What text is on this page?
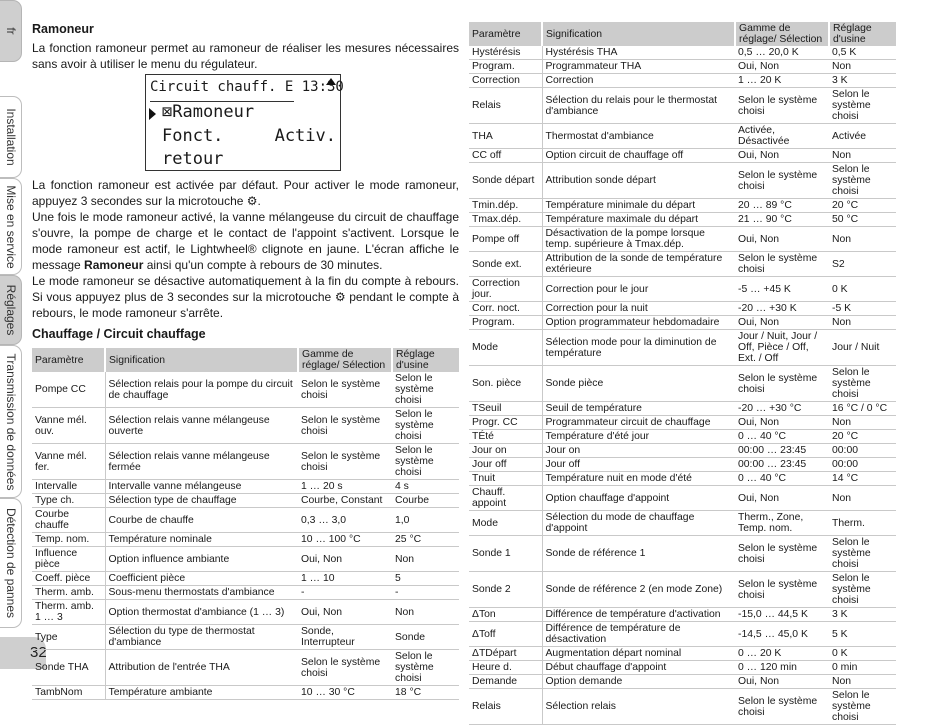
fr
Installation
Mise en service
Réglages
Transmission de données
Détection de pannes
32
Ramoneur
La fonction ramoneur permet au ramoneur de réaliser les mesures nécessaires sans avoir à utiliser le menu du régulateur.
Circuit chauff. E 13:30
⊠Ramoneur
Fonct.	Activ.
retour
La fonction ramoneur est activée par défaut. Pour activer le mode ramoneur, appuyez 3 secondes sur la microtouche ⚙.
Une fois le mode ramoneur activé, la vanne mélangeuse du circuit de chauffage s'ouvre, la pompe de charge et le contact de l'appoint s'activent. Lorsque le mode ramoneur est actif, le Lightwheel® clignote en jaune. L'écran affiche le message Ramoneur ainsi qu'un compte à rebours de 30 minutes.
Le mode ramoneur se désactive automatiquement à la fin du compte à rebours. Si vous appuyez plus de 3 secondes sur la microtouche ⚙ pendant le compte à rebours, le mode ramoneur s'arrête.
Chauffage / Circuit chauffage
Paramètre	Signification	Gamme de réglage/ Sélection	Réglage d'usine
Pompe CC	Sélection relais pour la pompe du circuit de chauffage	Selon le système choisi	Selon le système choisi
Vanne mél. ouv.	Sélection relais vanne mélangeuse ouverte	Selon le système choisi	Selon le système choisi
Vanne mél. fer.	Sélection relais vanne mélangeuse fermée	Selon le système choisi	Selon le système choisi
Intervalle	Intervalle vanne mélangeuse	1 … 20 s	4 s
Type ch.	Sélection type de chauffage	Courbe, Constant	Courbe
Courbe chauffe	Courbe de chauffe	0,3 … 3,0	1,0
Temp. nom.	Température nominale	10 … 100 °C	25 °C
Influence pièce	Option influence ambiante	Oui, Non	Non
Coeff. pièce	Coefficient pièce	1 … 10	5
Therm. amb.	Sous-menu thermostats d'ambiance	-	-
Therm. amb. 1 … 3	Option thermostat d'ambiance (1 … 3)	Oui, Non	Non
Type	Sélection du type de thermostat d'ambiance	Sonde, Interrupteur	Sonde
Sonde THA	Attribution de l'entrée THA	Selon le système choisi	Selon le système choisi
TambNom	Température ambiante	10 … 30 °C	18 °C
Paramètre	Signification	Gamme de réglage/ Sélection	Réglage d'usine
Hystérésis	Hystérésis THA	0,5 … 20,0 K	0,5 K
Program.	Programmateur THA	Oui, Non	Non
Correction	Correction	1 … 20 K	3 K
Relais	Sélection du relais pour le thermostat d'ambiance	Selon le système choisi	Selon le système choisi
THA	Thermostat d'ambiance	Activée, Désactivée	Activée
CC off	Option circuit de chauffage off	Oui, Non	Non
Sonde départ	Attribution sonde départ	Selon le système choisi	Selon le système choisi
Tmin.dép.	Température minimale du départ	20 … 89 °C	20 °C
Tmax.dép.	Température maximale du départ	21 … 90 °C	50 °C
Pompe off	Désactivation de la pompe lorsque temp. supérieure à Tmax.dép.	Oui, Non	Non
Sonde ext.	Attribution de la sonde de température extérieure	Selon le système choisi	S2
Correction jour.	Correction pour le jour	-5 … +45 K	0 K
Corr. noct.	Correction pour la nuit	-20 … +30 K	-5 K
Program.	Option programmateur hebdomadaire	Oui, Non	Non
Mode	Sélection mode pour la diminution de température	Jour / Nuit, Jour / Off, Pièce / Off, Ext. / Off	Jour / Nuit
Son. pièce	Sonde pièce	Selon le système choisi	Selon le système choisi
TSeuil	Seuil de température	-20 … +30 °C	16 °C / 0 °C
Progr. CC	Programmateur circuit de chauffage	Oui, Non	Non
TÉté	Température d'été jour	0 … 40 °C	20 °C
Jour on	Jour on	00:00 … 23:45	00:00
Jour off	Jour off	00:00 … 23:45	00:00
Tnuit	Température nuit en mode d'été	0 … 40 °C	14 °C
Chauff. appoint	Option chauffage d'appoint	Oui, Non	Non
Mode	Sélection du mode de chauffage d'appoint	Therm., Zone, Temp. nom.	Therm.
Sonde 1	Sonde de référence 1	Selon le système choisi	Selon le système choisi
Sonde 2	Sonde de référence 2 (en mode Zone)	Selon le système choisi	Selon le système choisi
ΔTon	Différence de température d'activation	-15,0 … 44,5 K	3 K
ΔToff	Différence de température de désactivation	-14,5 … 45,0 K	5 K
ΔTDépart	Augmentation départ nominal	0 … 20 K	0 K
Heure d.	Début chauffage d'appoint	0 … 120 min	0 min
Demande	Option demande	Oui, Non	Non
Relais	Sélection relais	Selon le système choisi	Selon le système choisi
